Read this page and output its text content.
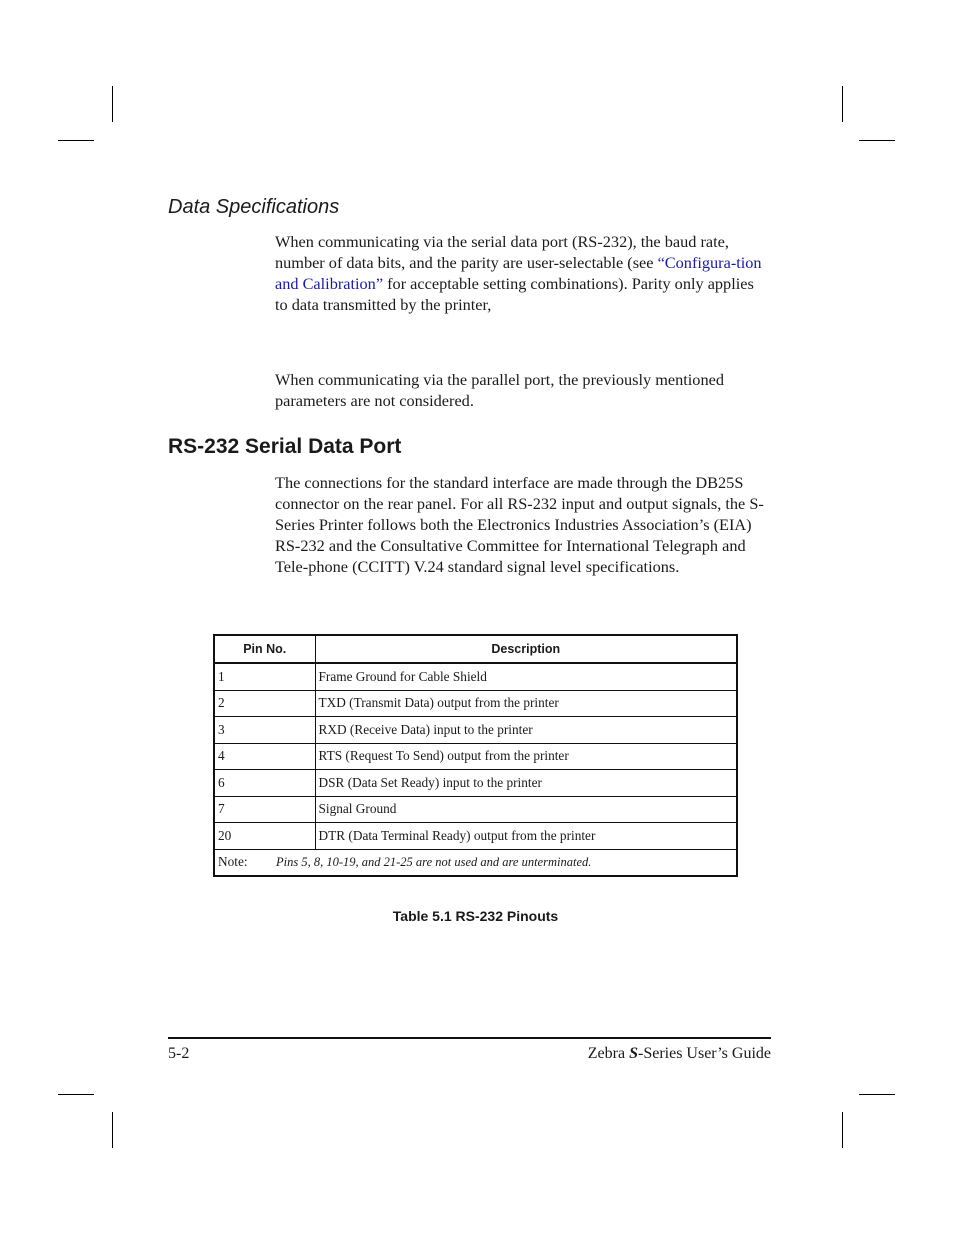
Data Specifications

When communicating via the serial data port (RS-232), the baud rate, number of data bits, and the parity are user-selectable (see “Configura-tion and Calibration” for acceptable setting combinations). Parity only applies to data transmitted by the printer,

When communicating via the parallel port, the previously mentioned parameters are not considered.

RS-232 Serial Data Port

The connections for the standard interface are made through the DB25S connector on the rear panel. For all RS-232 input and output signals, the S-Series Printer follows both the Electronics Industries Association’s (EIA) RS-232 and the Consultative Committee for International Telegraph and Tele-phone (CCITT) V.24 standard signal level specifications.

Pin No.	Description
1	Frame Ground for Cable Shield
2	TXD (Transmit Data) output from the printer
3	RXD (Receive Data) input to the printer
4	RTS (Request To Send) output from the printer
6	DSR (Data Set Ready) input to the printer
7	Signal Ground
20	DTR (Data Terminal Ready) output from the printer
Note: Pins 5, 8, 10-19, and 21-25 are not used and are unterminated.	
Table 5.1 RS-232 Pinouts
5-2	Zebra S-Series User’s Guide
